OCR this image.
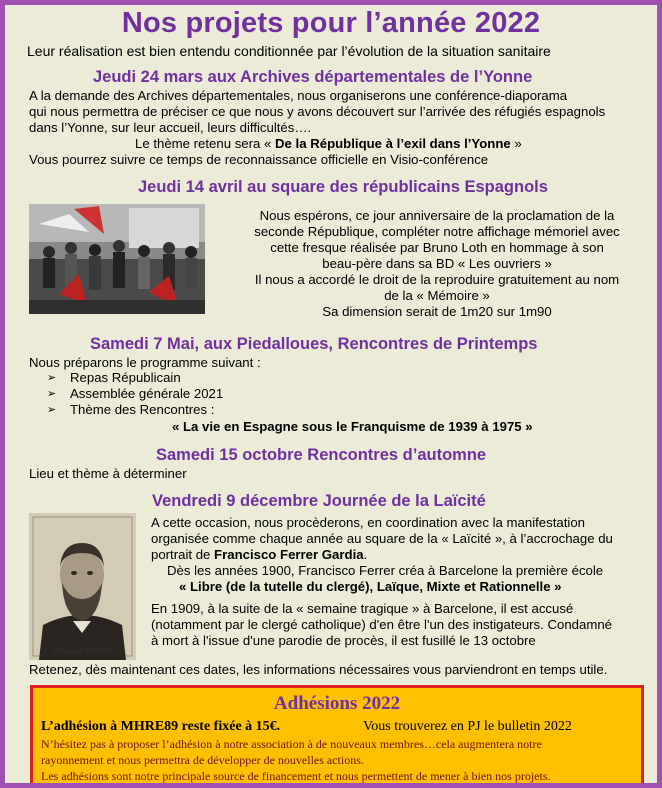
Nos projets pour l’année 2022
Leur réalisation est bien entendu conditionnée par l’évolution de la situation sanitaire
Jeudi 24 mars aux Archives départementales de l’Yonne
A la demande des Archives départementales, nous organiserons une conférence-diaporama
qui nous permettra de préciser ce que nous y avons découvert sur l’arrivée des réfugiés espagnols
dans l’Yonne, sur leur accueil, leurs difficultés….
Le thème retenu sera « De la République à l’exil dans l’Yonne »
Vous pourrez suivre ce temps de reconnaissance officielle en Visio-conférence
Jeudi 14 avril au square des républicains Espagnols
Nous espérons, ce jour anniversaire de la proclamation de la
seconde République, compléter notre affichage mémoriel avec
cette fresque réalisée par Bruno Loth en hommage à son
beau-père dans sa BD « Les ouvriers »
Il nous a accordé le droit de la reproduire gratuitement au nom
de la « Mémoire »
Sa dimension serait de 1m20 sur 1m90
Samedi 7 Mai, aux Piedalloues, Rencontres de Printemps
Nous préparons le programme suivant :
➢ Repas Républicain
➢ Assemblée générale 2021
➢ Thème des Rencontres :
« La vie en Espagne sous le Franquisme de 1939 à 1975 »
Samedi 15 octobre Rencontres d’automne
Lieu et thème à déterminer
Vendredi 9 décembre Journée de la Laïcité
Francisco FERRER
A cette occasion, nous procèderons, en coordination avec la manifestation
organisée comme chaque année au square de la « Laïcité », à l’accrochage du
portrait de Francisco Ferrer Gardia.
Dès les années 1900, Francisco Ferrer créa à Barcelone la première école
« Libre (de la tutelle du clergé), Laïque, Mixte et Rationnelle »
En 1909, à la suite de la « semaine tragique » à Barcelone, il est accusé
(notamment par le clergé catholique) d'en être l'un des instigateurs. Condamné
à mort à l'issue d'une parodie de procès, il est fusillé le 13 octobre
Retenez, dès maintenant ces dates, les informations nécessaires vous parviendront en temps utile.
Adhésions 2022
L’adhésion à MHRE89 reste fixée à 15€.	Vous trouverez en PJ le bulletin 2022
N’hésitez pas à proposer l’adhésion à notre association à de nouveaux membres…cela augmentera notre
rayonnement et nous permettra de développer de nouvelles actions.
Les adhésions sont notre principale source de financement et nous permettent de mener à bien nos projets.
